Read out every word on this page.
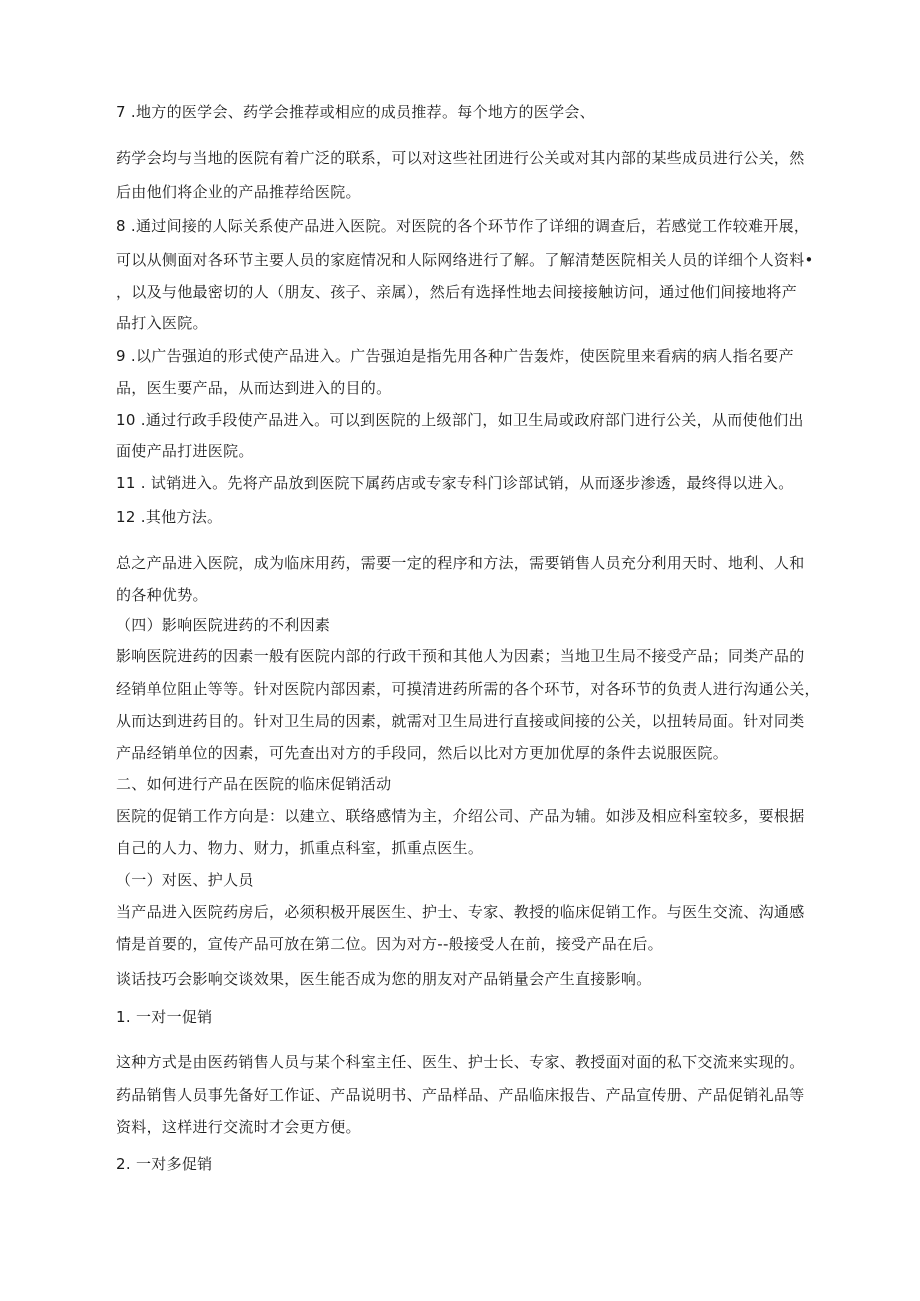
7 .地方的医学会、药学会推荐或相应的成员推荐。每个地方的医学会、
药学会均与当地的医院有着广泛的联系，可以对这些社团进行公关或对其内部的某些成员进行公关，然
后由他们将企业的产品推荐给医院。
8 .通过间接的人际关系使产品进入医院。对医院的各个环节作了详细的调查后，若感觉工作较难开展，
可以从侧面对各环节主要人员的家庭情况和人际网络进行了解。了解清楚医院相关人员的详细个人资料•
，以及与他最密切的人（朋友、孩子、亲属），然后有选择性地去间接接触访问，通过他们间接地将产
品打入医院。
9 .以广告强迫的形式使产品进入。广告强迫是指先用各种广告轰炸，使医院里来看病的病人指名要产
品，医生要产品，从而达到进入的目的。
10 .通过行政手段使产品进入。可以到医院的上级部门，如卫生局或政府部门进行公关，从而使他们出
面使产品打进医院。
11 . 试销进入。先将产品放到医院下属药店或专家专科门诊部试销，从而逐步渗透，最终得以进入。
12 .其他方法。
总之产品进入医院，成为临床用药，需要一定的程序和方法，需要销售人员充分利用天时、地利、人和
的各种优势。
（四）影响医院进药的不利因素
影响医院进药的因素一般有医院内部的行政干预和其他人为因素；当地卫生局不接受产品；同类产品的
经销单位阻止等等。针对医院内部因素，可摸清进药所需的各个环节，对各环节的负责人进行沟通公关，
从而达到进药目的。针对卫生局的因素，就需对卫生局进行直接或间接的公关，以扭转局面。针对同类
产品经销单位的因素，可先查出对方的手段同，然后以比对方更加优厚的条件去说服医院。
二、如何进行产品在医院的临床促销活动
医院的促销工作方向是：以建立、联络感情为主，介绍公司、产品为辅。如涉及相应科室较多，要根据
自己的人力、物力、财力，抓重点科室，抓重点医生。
（一）对医、护人员
当产品进入医院药房后，必须积极开展医生、护士、专家、教授的临床促销工作。与医生交流、沟通感
情是首要的，宣传产品可放在第二位。因为对方--般接受人在前，接受产品在后。
谈话技巧会影响交谈效果，医生能否成为您的朋友对产品销量会产生直接影响。
1. 一对一促销
这种方式是由医药销售人员与某个科室主任、医生、护士长、专家、教授面对面的私下交流来实现的。
药品销售人员事先备好工作证、产品说明书、产品样品、产品临床报告、产品宣传册、产品促销礼品等
资料，这样进行交流时才会更方便。
2. 一对多促销
